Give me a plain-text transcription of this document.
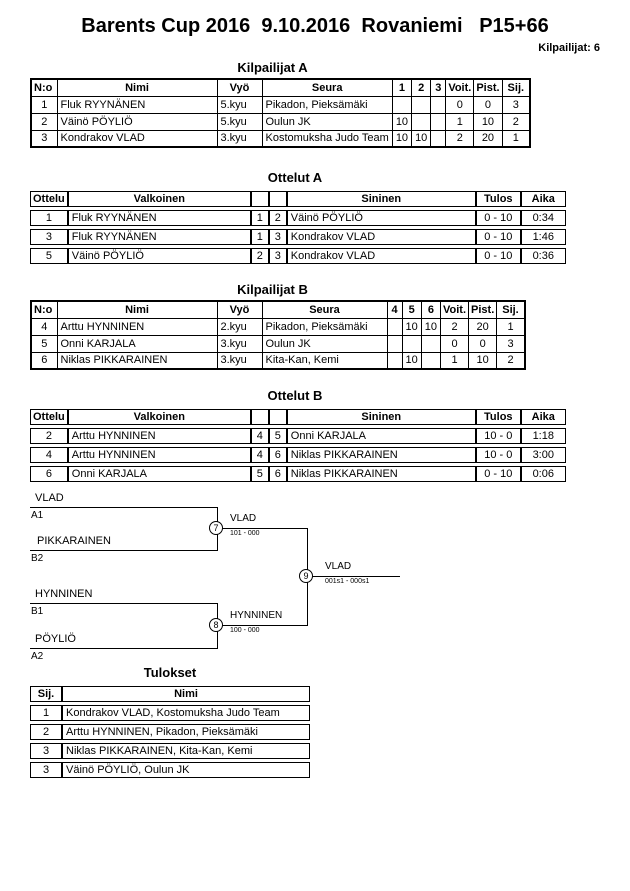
Barents Cup 2016  9.10.2016  Rovaniemi   P15+66
Kilpailijat: 6
Kilpailijat A
N:o	Nimi	Vyö	Seura	1	2	3	Voit.	Pist.	Sij.
1	Fluk RYYNÄNEN	5.kyu	Pikadon, Pieksämäki				0	0	3
2	Väinö PÖYLIÖ	5.kyu	Oulun JK	10			1	10	2
3	Kondrakov VLAD	3.kyu	Kostomuksha Judo Team	10	10		2	20	1
Ottelut A
Ottelu	Valkoinen			Sininen	Tulos	Aika
1	Fluk RYYNÄNEN	1	2	Väinö PÖYLIÖ	0 - 10	0:34
3	Fluk RYYNÄNEN	1	3	Kondrakov VLAD	0 - 10	1:46
5	Väinö PÖYLIÖ	2	3	Kondrakov VLAD	0 - 10	0:36
Kilpailijat B
N:o	Nimi	Vyö	Seura	4	5	6	Voit.	Pist.	Sij.
4	Arttu HYNNINEN	2.kyu	Pikadon, Pieksämäki		10	10	2	20	1
5	Onni KARJALA	3.kyu	Oulun JK				0	0	3
6	Niklas PIKKARAINEN	3.kyu	Kita-Kan, Kemi		10		1	10	2
Ottelut B
Ottelu	Valkoinen			Sininen	Tulos	Aika
2	Arttu HYNNINEN	4	5	Onni KARJALA	10 - 0	1:18
4	Arttu HYNNINEN	4	6	Niklas PIKKARAINEN	10 - 0	3:00
6	Onni KARJALA	5	6	Niklas PIKKARAINEN	0 - 10	0:06
VLAD
A1
PIKKARAINEN
B2
VLAD
101 - 000
7
HYNNINEN
B1
PÖYLIÖ
A2
HYNNINEN
100 - 000
8
VLAD
001s1 - 000s1
9
Tulokset
Sij.	Nimi
1	Kondrakov VLAD, Kostomuksha Judo Team
2	Arttu HYNNINEN, Pikadon, Pieksämäki
3	Niklas PIKKARAINEN, Kita-Kan, Kemi
3	Väinö PÖYLIÖ, Oulun JK
